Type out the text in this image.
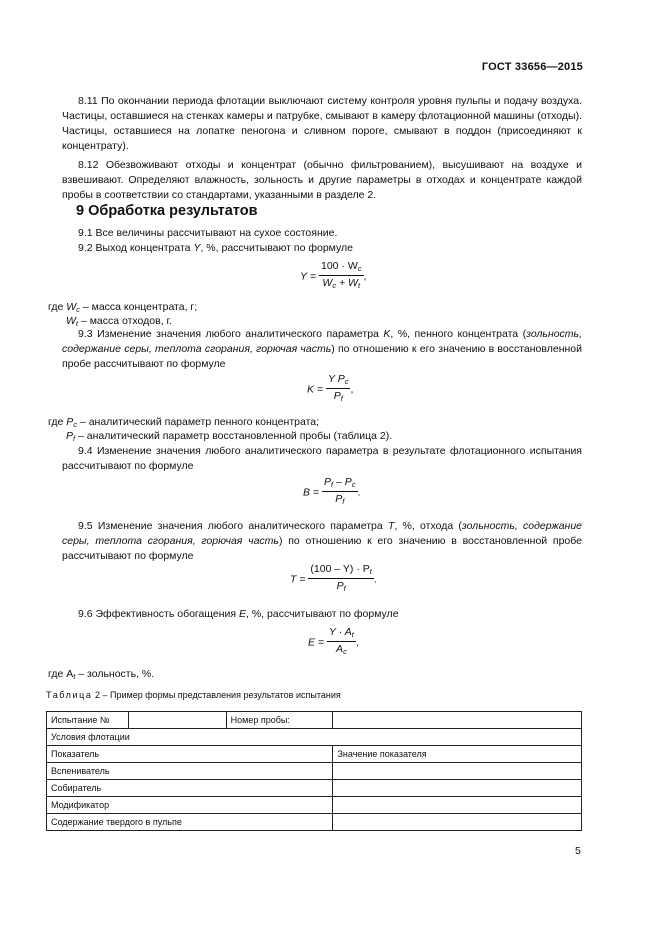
ГОСТ 33656—2015
8.11 По окончании периода флотации выключают систему контроля уровня пульпы и подачу воздуха. Частицы, оставшиеся на стенках камеры и патрубке, смывают в камеру флотационной машины (отходы). Частицы, оставшиеся на лопатке пеногона и сливном пороге, смывают в поддон (присоединяют к концентрату).
8.12 Обезвоживают отходы и концентрат (обычно фильтрованием), высушивают на воздухе и взвешивают. Определяют влажность, зольность и другие параметры в отходах и концентрате каждой пробы в соответствии со стандартами, указанными в разделе 2.
9 Обработка результатов
9.1 Все величины рассчитывают на сухое состояние.
9.2 Выход концентрата Y, %, рассчитывают по формуле
$Y = \frac{100 \cdot W_c}{W_c + W_t}$ ,
где $W_c$ – масса концентрата, г;
$W_t$ – масса отходов, г.
9.3 Изменение значения любого аналитического параметра K, %, пенного концентрата (зольность, содержание серы, теплота сгорания, горючая часть) по отношению к его значению в восстановленной пробе рассчитывают по формуле
$K = \frac{Y P_c}{P_f}$ ,
где $P_c$ – аналитический параметр пенного концентрата;
$P_f$ – аналитический параметр восстановленной пробы (таблица 2).
9.4 Изменение значения любого аналитического параметра в результате флотационного испытания рассчитывают по формуле
$B = \frac{P_f - P_c}{P_f}$ .
9.5 Изменение значения любого аналитического параметра T, %, отхода (зольность, содержание серы, теплота сгорания, горючая часть) по отношению к его значению в восстановленной пробе рассчитывают по формуле
$T = \frac{(100 - Y) \cdot P_t}{P_f}$ .
9.6 Эффективность обогащения E, %, рассчитывают по формуле
$E = \frac{Y \cdot A_t}{A_c}$ ,
где $A_t$ – зольность, %.
Таблица 2 – Пример формы представления результатов испытания
Испытание №		Номер пробы:	
Условия флотации			
Показатель			Значение показателя
Вспениватель			
Собиратель			
Модификатор			
Содержание твердого в пульпе			
5
